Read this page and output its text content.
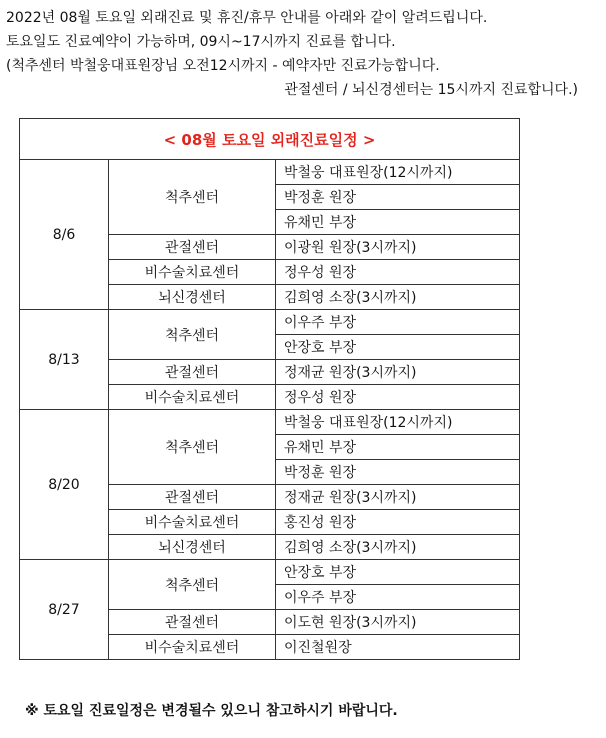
2022년 08월 토요일 외래진료 및 휴진/휴무 안내를 아래와 같이 알려드립니다.
토요일도 진료예약이 가능하며, 09시~17시까지 진료를 합니다.
(척추센터 박철웅대표원장님 오전12시까지 - 예약자만 진료가능합니다.
관절센터 / 뇌신경센터는 15시까지 진료합니다.)
< 08월 토요일 외래진료일정 >		
8/6	척추센터	박철웅 대표원장(12시까지)
		박정훈 원장
		유채민 부장
	관절센터	이광원 원장(3시까지)
	비수술치료센터	정우성 원장
	뇌신경센터	김희영 소장(3시까지)
8/13	척추센터	이우주 부장
		안장호 부장
	관절센터	정재균 원장(3시까지)
	비수술치료센터	정우성 원장
8/20	척추센터	박철웅 대표원장(12시까지)
		유채민 부장
		박정훈 원장
	관절센터	정재균 원장(3시까지)
	비수술치료센터	홍진성 원장
	뇌신경센터	김희영 소장(3시까지)
8/27	척추센터	안장호 부장
		이우주 부장
	관절센터	이도현 원장(3시까지)
	비수술치료센터	이진철원장
※ 토요일 진료일정은 변경될수 있으니 참고하시기 바랍니다.
